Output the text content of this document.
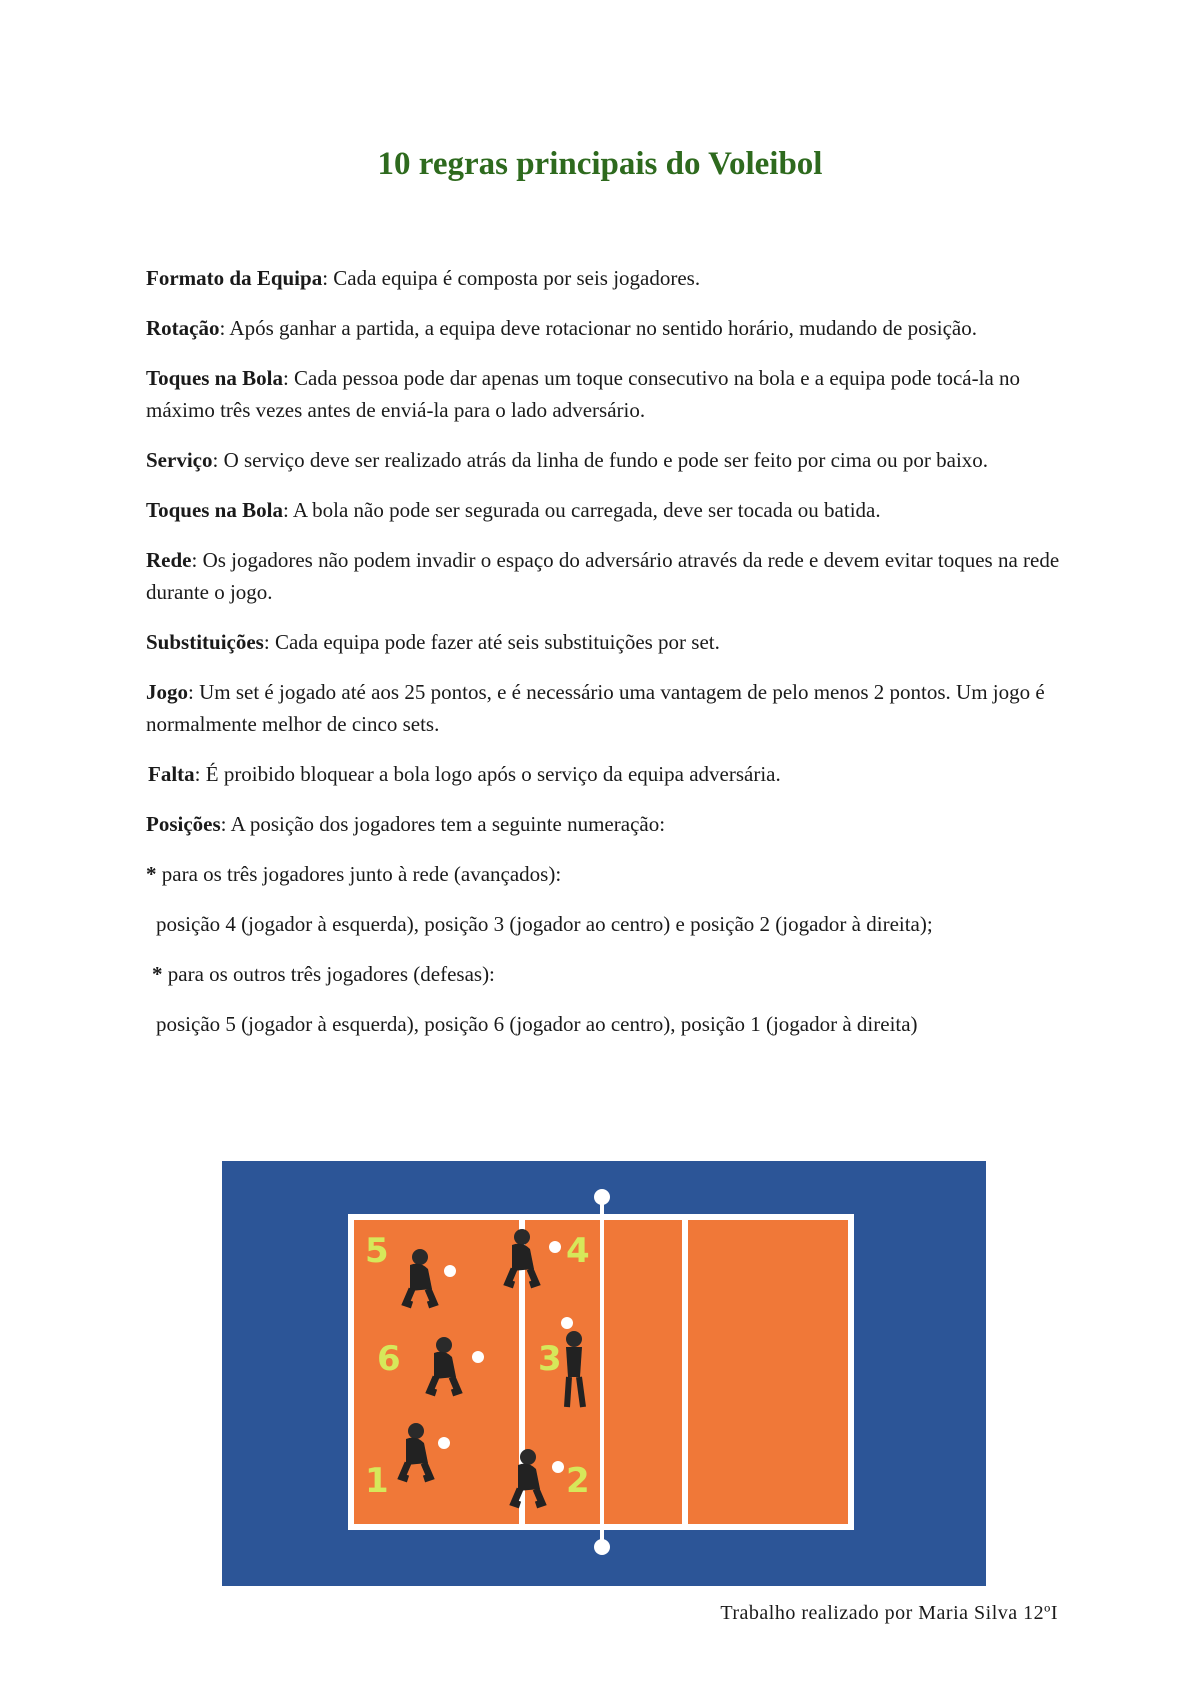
10 regras principais do Voleibol

Formato da Equipa: Cada equipa é composta por seis jogadores.

Rotação: Após ganhar a partida, a equipa deve rotacionar no sentido horário, mudando de posição.

Toques na Bola: Cada pessoa pode dar apenas um toque consecutivo na bola e a equipa pode tocá-la no máximo três vezes antes de enviá-la para o lado adversário.

Serviço: O serviço deve ser realizado atrás da linha de fundo e pode ser feito por cima ou por baixo.

Toques na Bola: A bola não pode ser segurada ou carregada, deve ser tocada ou batida.

Rede: Os jogadores não podem invadir o espaço do adversário através da rede e devem evitar toques na rede durante o jogo.

Substituições: Cada equipa pode fazer até seis substituições por set.

Jogo: Um set é jogado até aos 25 pontos, e é necessário uma vantagem de pelo menos 2 pontos. Um jogo é normalmente melhor de cinco sets.

Falta: É proibido bloquear a bola logo após o serviço da equipa adversária.

Posições: A posição dos jogadores tem a seguinte numeração:

* para os três jogadores junto à rede (avançados):

posição 4 (jogador à esquerda), posição 3 (jogador ao centro) e posição 2 (jogador à direita);

* para os outros três jogadores (defesas):

posição 5 (jogador à esquerda), posição 6 (jogador ao centro), posição 1 (jogador à direita)

5	4
6	3
1	2
Trabalho realizado por Maria Silva 12ºI
